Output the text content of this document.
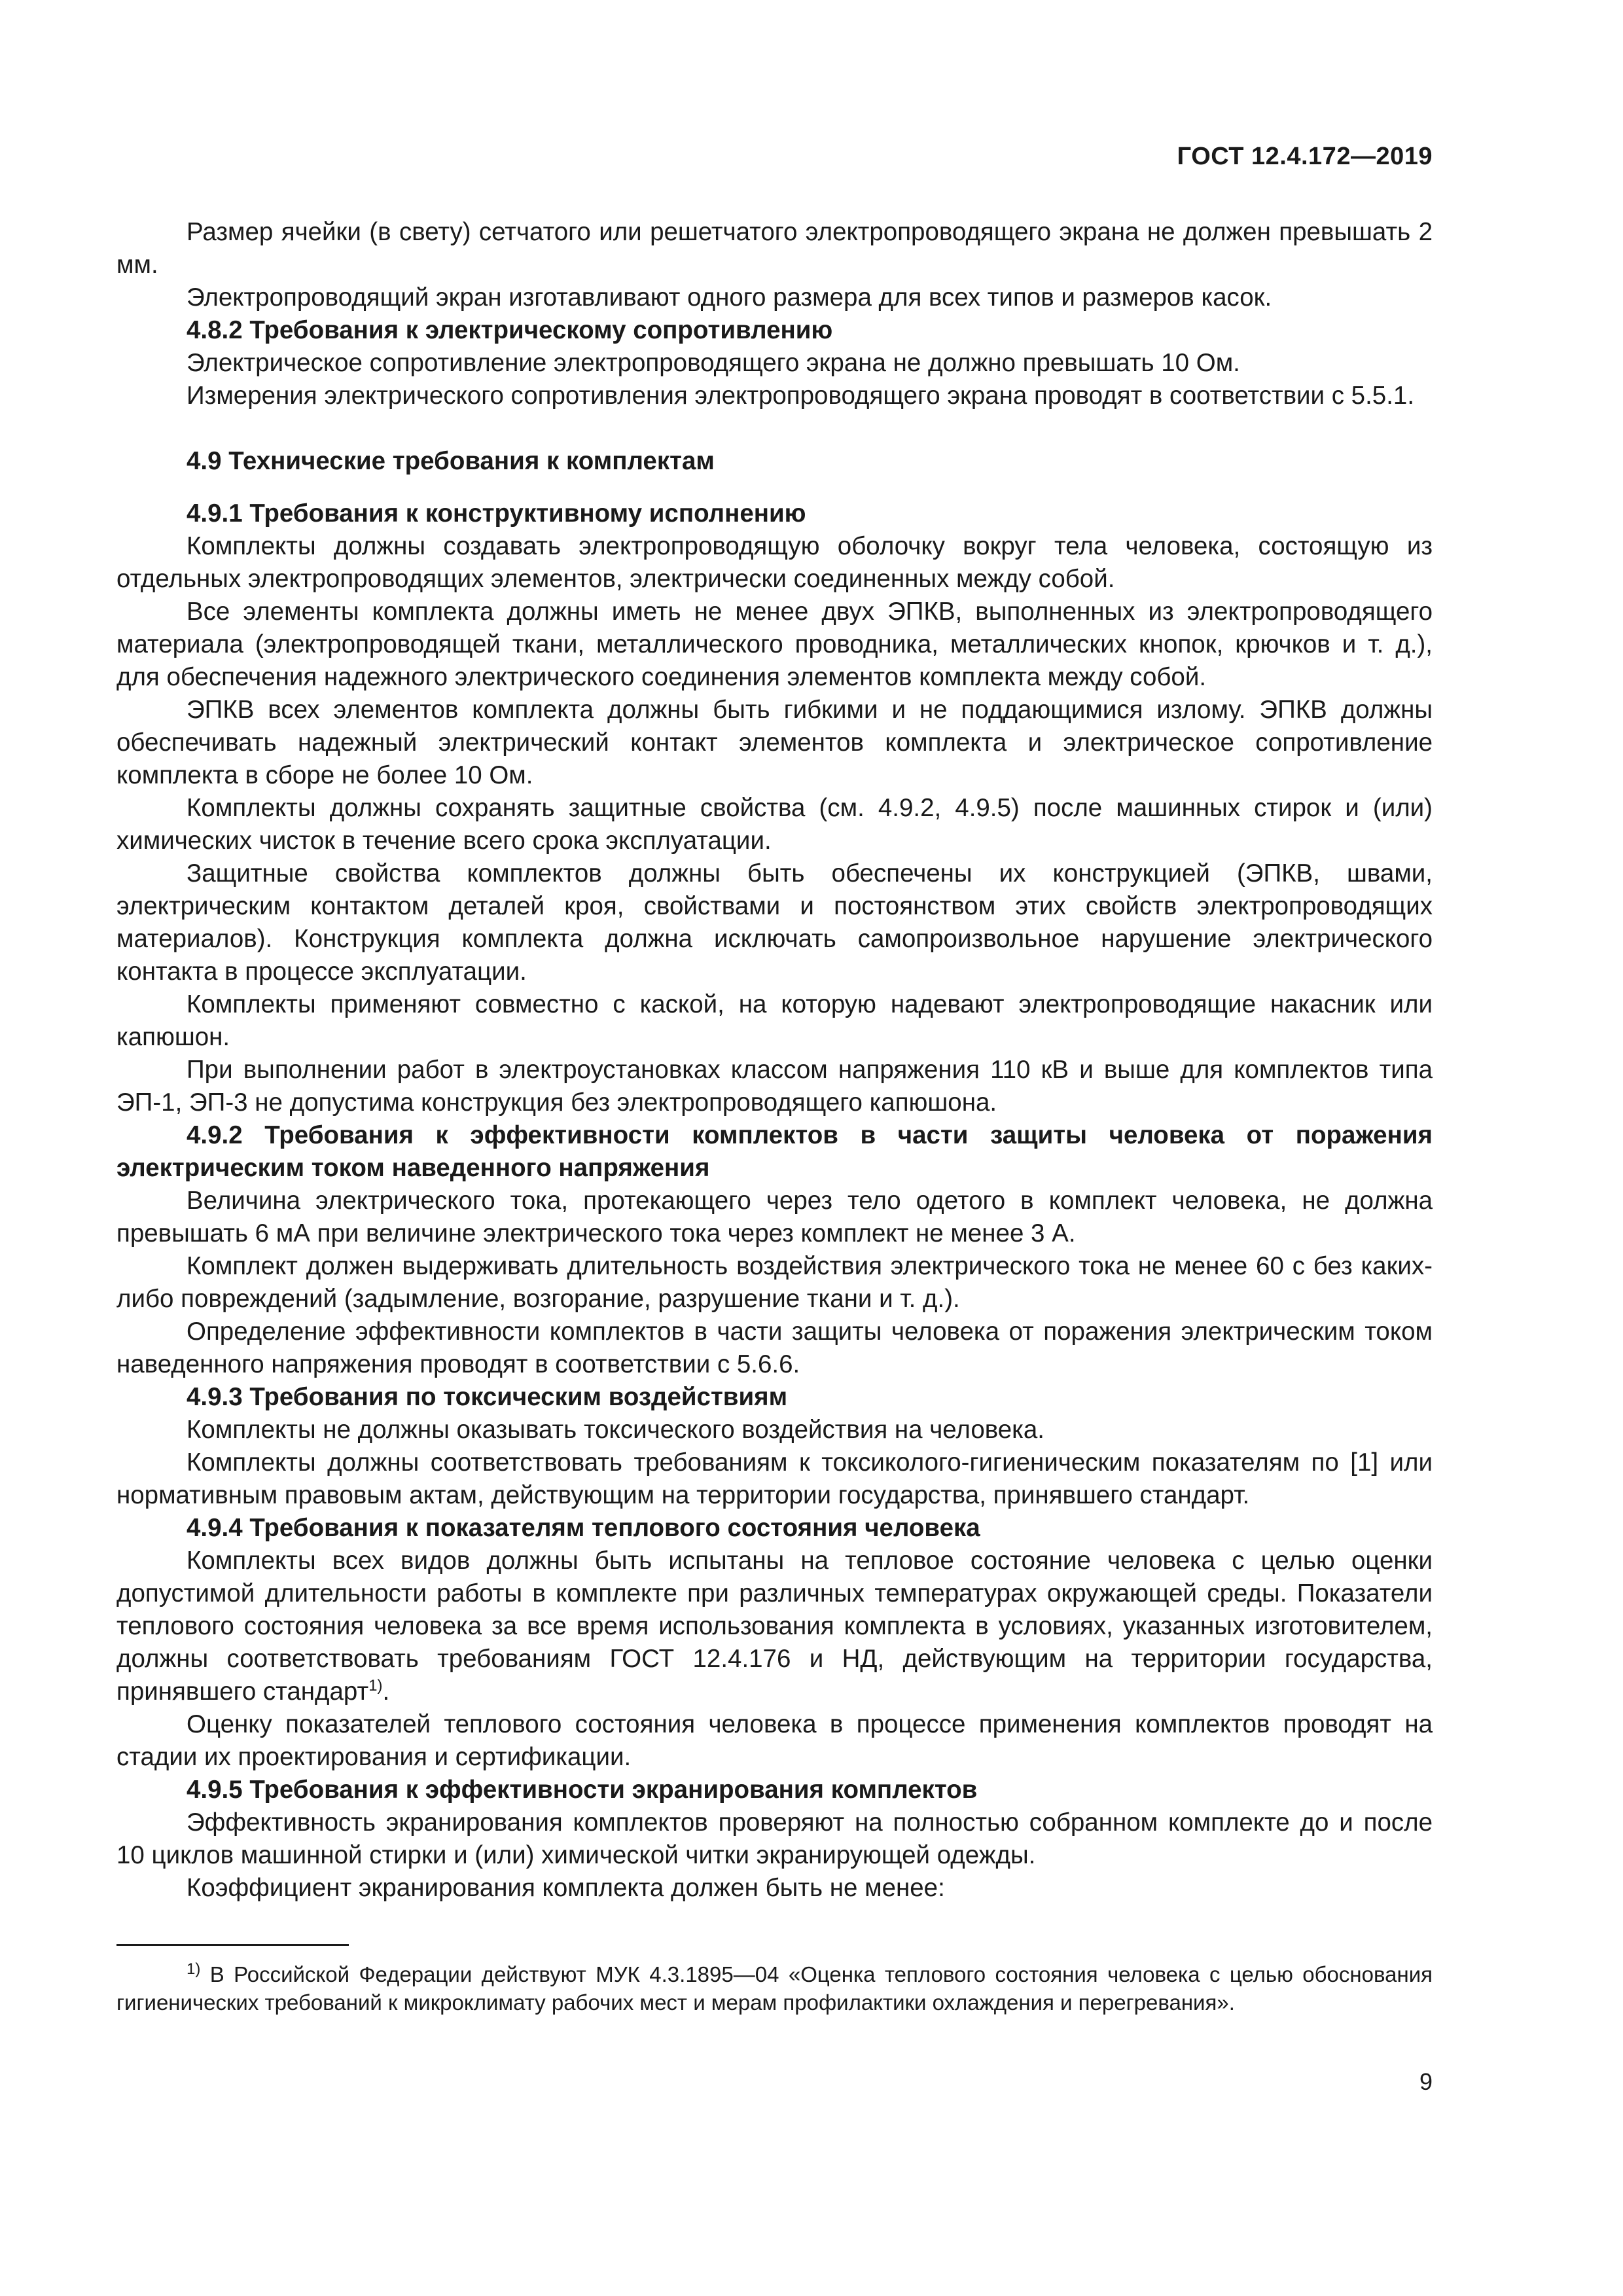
ГОСТ 12.4.172—2019

Размер ячейки (в свету) сетчатого или решетчатого электропроводящего экрана не должен превышать 2 мм.

Электропроводящий экран изготавливают одного размера для всех типов и размеров касок.

4.8.2 Требования к электрическому сопротивлению

Электрическое сопротивление электропроводящего экрана не должно превышать 10 Ом.

Измерения электрического сопротивления электропроводящего экрана проводят в соответствии с 5.5.1.

4.9 Технические требования к комплектам

4.9.1 Требования к конструктивному исполнению

Комплекты должны создавать электропроводящую оболочку вокруг тела человека, состоящую из отдельных электропроводящих элементов, электрически соединенных между собой.

Все элементы комплекта должны иметь не менее двух ЭПКВ, выполненных из электропроводящего материала (электропроводящей ткани, металлического проводника, металлических кнопок, крючков и т. д.), для обеспечения надежного электрического соединения элементов комплекта между собой.

ЭПКВ всех элементов комплекта должны быть гибкими и не поддающимися излому. ЭПКВ должны обеспечивать надежный электрический контакт элементов комплекта и электрическое сопротивление комплекта в сборе не более 10 Ом.

Комплекты должны сохранять защитные свойства (см. 4.9.2, 4.9.5) после машинных стирок и (или) химических чисток в течение всего срока эксплуатации.

Защитные свойства комплектов должны быть обеспечены их конструкцией (ЭПКВ, швами, электрическим контактом деталей кроя, свойствами и постоянством этих свойств электропроводящих материалов). Конструкция комплекта должна исключать самопроизвольное нарушение электрического контакта в процессе эксплуатации.

Комплекты применяют совместно с каской, на которую надевают электропроводящие накасник или капюшон.

При выполнении работ в электроустановках классом напряжения 110 кВ и выше для комплектов типа ЭП-1, ЭП-3 не допустима конструкция без электропроводящего капюшона.

4.9.2 Требования к эффективности комплектов в части защиты человека от поражения электрическим током наведенного напряжения

Величина электрического тока, протекающего через тело одетого в комплект человека, не должна превышать 6 мА при величине электрического тока через комплект не менее 3 А.

Комплект должен выдерживать длительность воздействия электрического тока не менее 60 с без каких-либо повреждений (задымление, возгорание, разрушение ткани и т. д.).

Определение эффективности комплектов в части защиты человека от поражения электрическим током наведенного напряжения проводят в соответствии с 5.6.6.

4.9.3 Требования по токсическим воздействиям

Комплекты не должны оказывать токсического воздействия на человека.

Комплекты должны соответствовать требованиям к токсиколого-гигиеническим показателям по [1] или нормативным правовым актам, действующим на территории государства, принявшего стандарт.

4.9.4 Требования к показателям теплового состояния человека

Комплекты всех видов должны быть испытаны на тепловое состояние человека с целью оценки допустимой длительности работы в комплекте при различных температурах окружающей среды. Показатели теплового состояния человека за все время использования комплекта в условиях, указанных изготовителем, должны соответствовать требованиям ГОСТ 12.4.176 и НД, действующим на территории государства, принявшего стандарт$^{1)}$.

Оценку показателей теплового состояния человека в процессе применения комплектов проводят на стадии их проектирования и сертификации.

4.9.5 Требования к эффективности экранирования комплектов

Эффективность экранирования комплектов проверяют на полностью собранном комплекте до и после 10 циклов машинной стирки и (или) химической читки экранирующей одежды.

Коэффициент экранирования комплекта должен быть не менее:

$^{1)}$ В Российской Федерации действуют МУК 4.3.1895—04 «Оценка теплового состояния человека с целью обоснования гигиенических требований к микроклимату рабочих мест и мерам профилактики охлаждения и перегревания».

9
